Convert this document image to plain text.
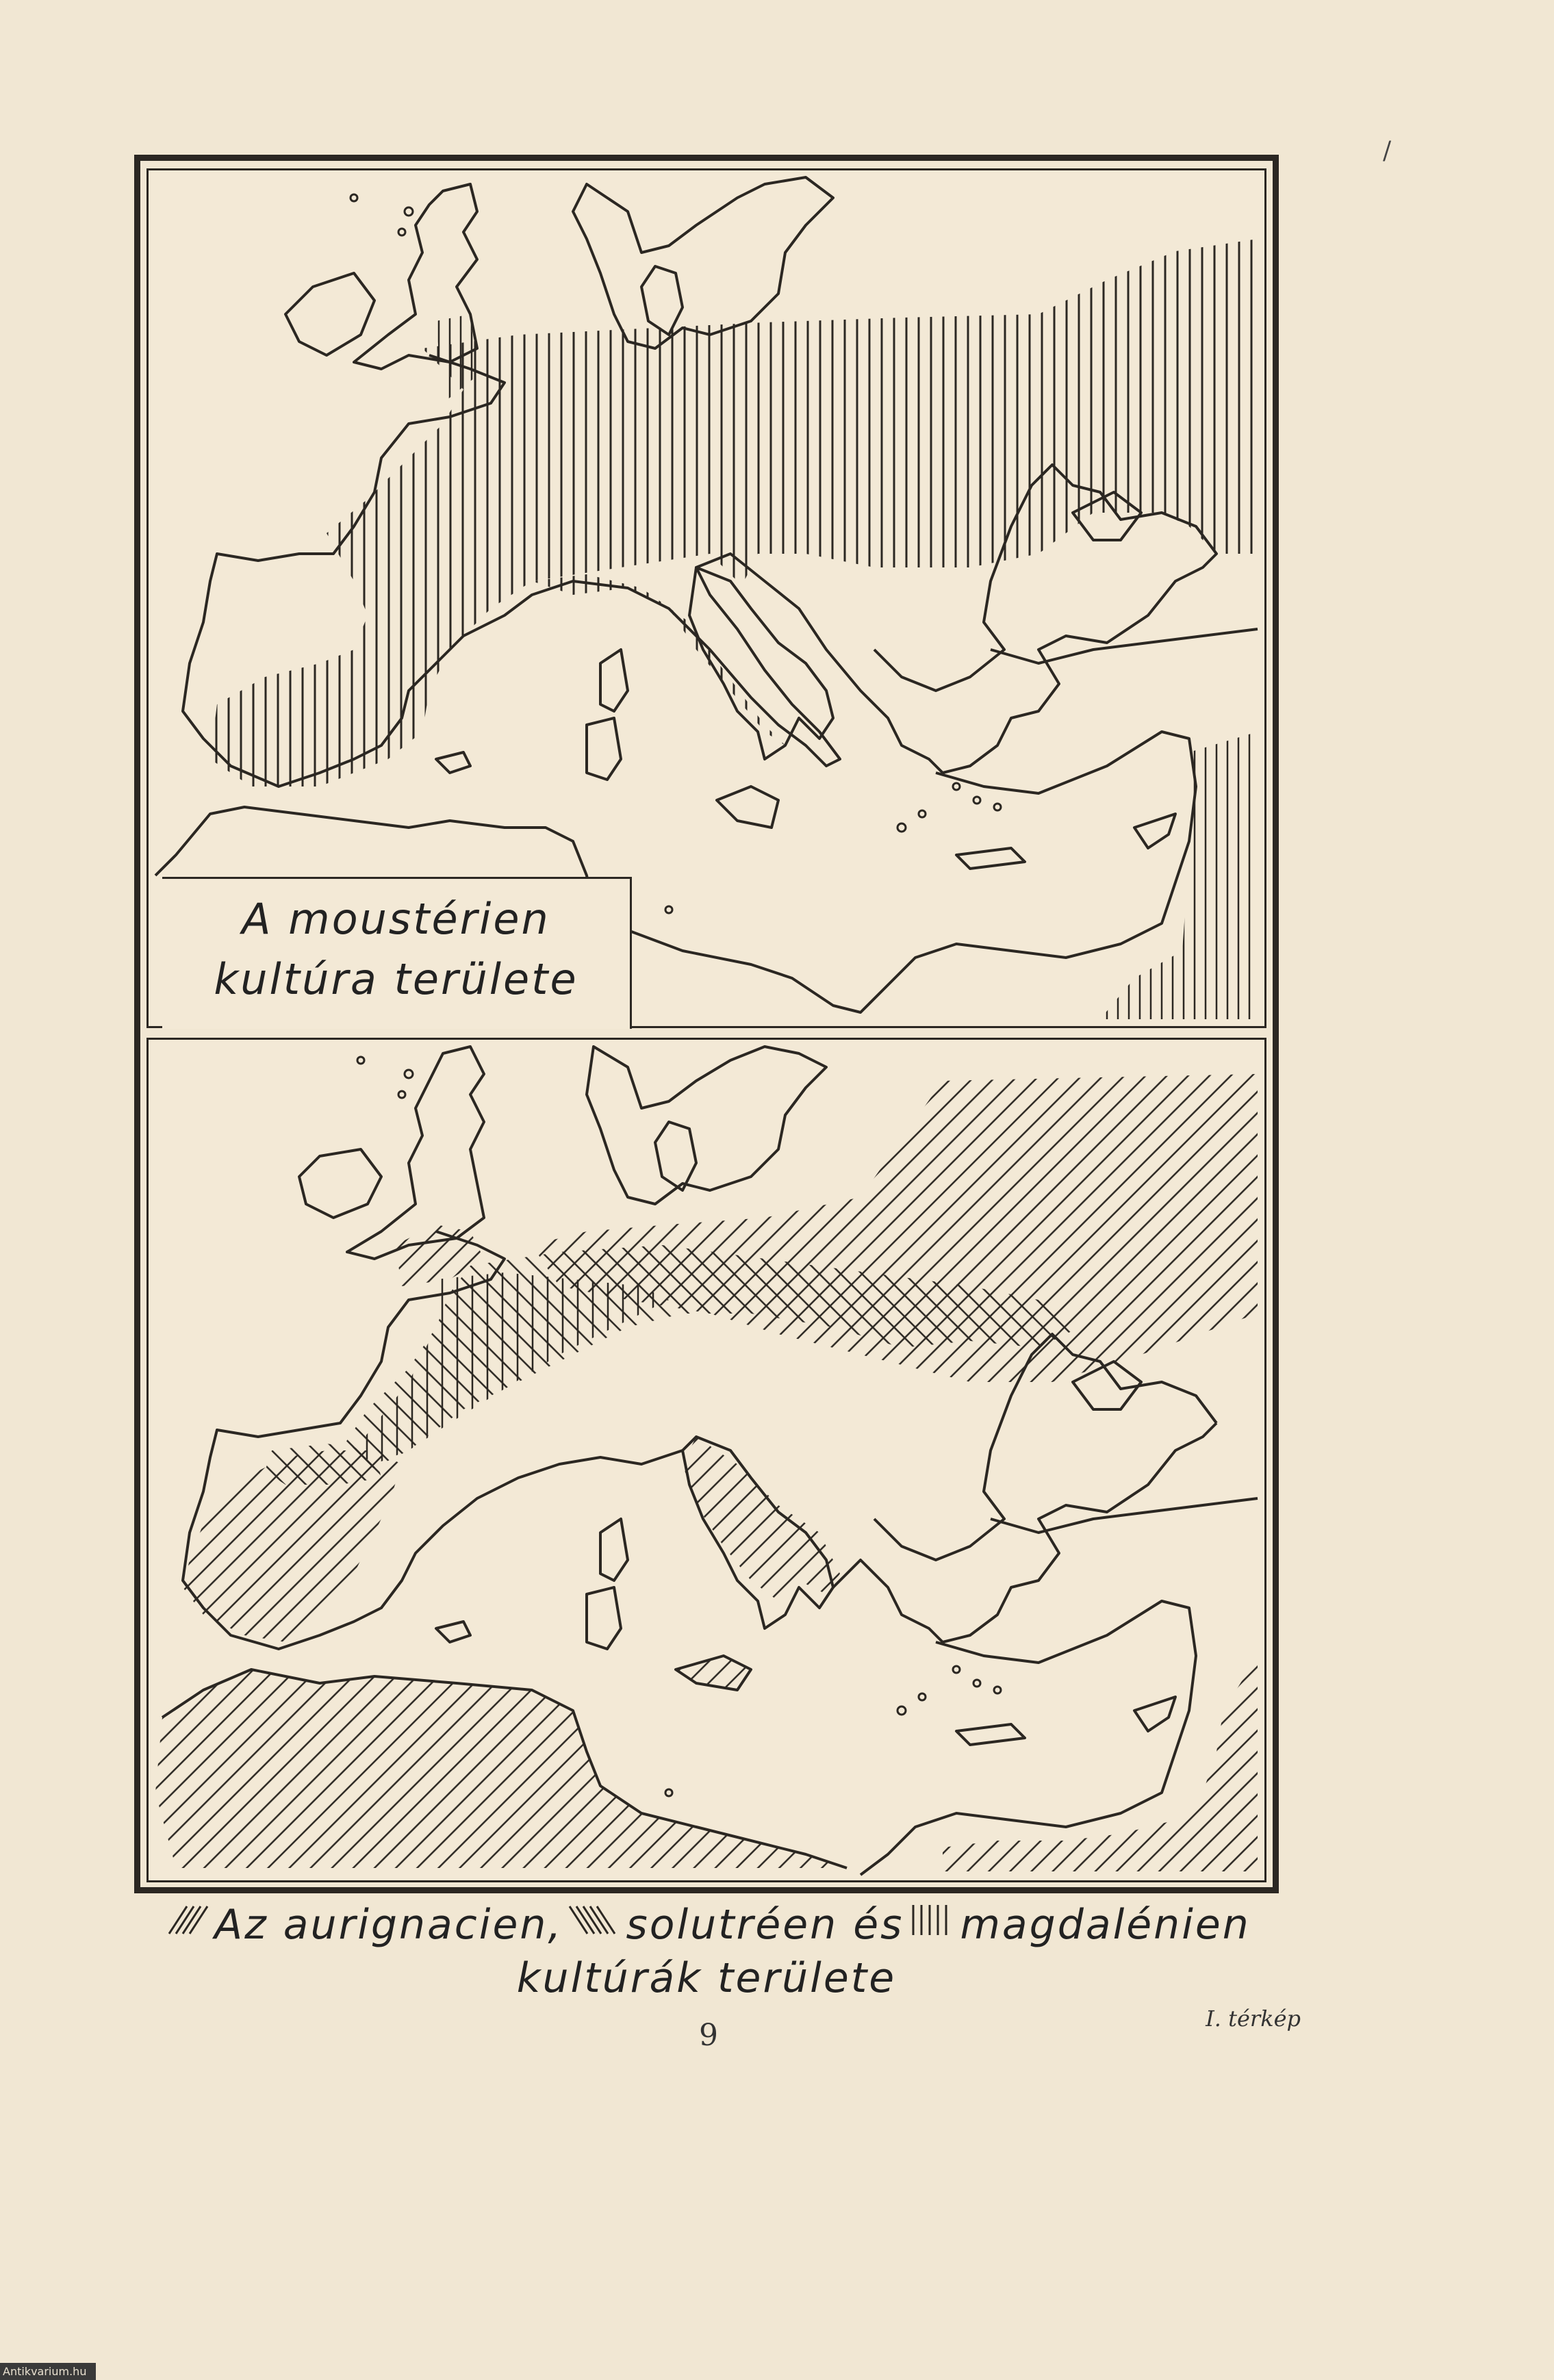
/
A moustérien
kultúra területe
Az aurignacien, solutréen és magdalénien
kultúrák területe
9	I. térkép
Antikvarium.hu
